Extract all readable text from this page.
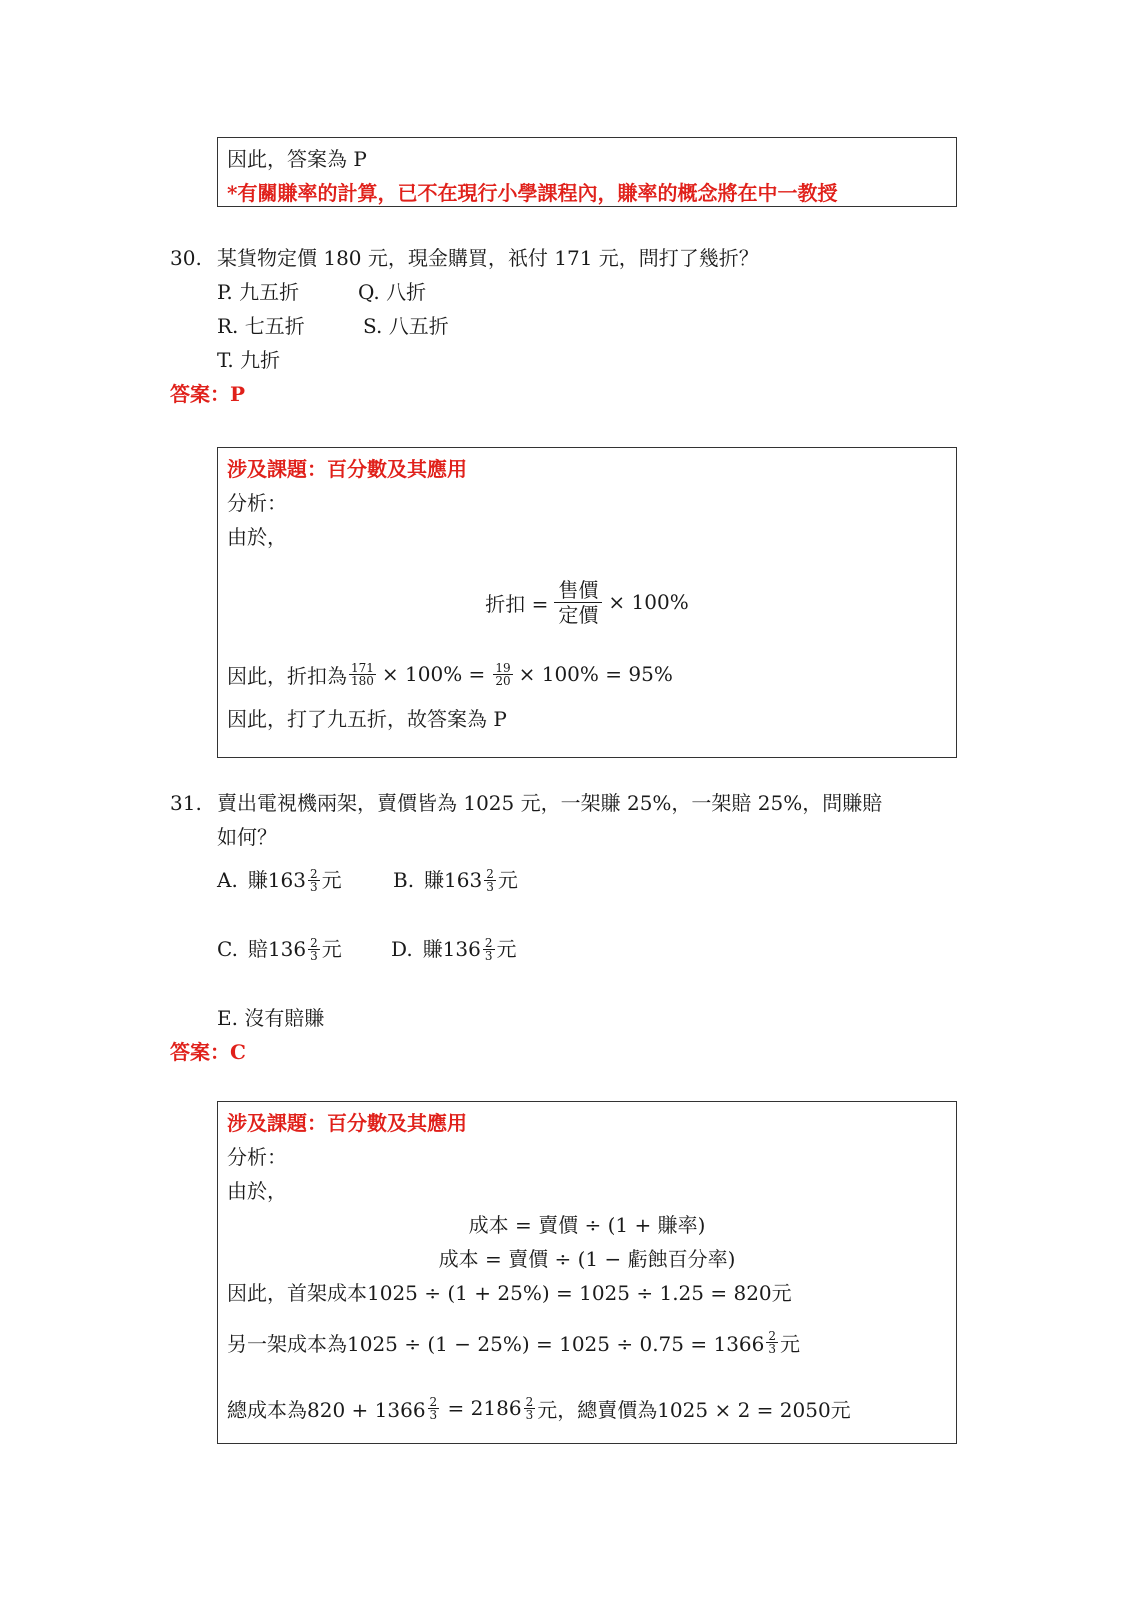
因此，答案為 P
*有關賺率的計算，已不在現行小學課程內，賺率的概念將在中一教授
30. 某貨物定價 180 元，現金購買，祇付 171 元，問打了幾折？
P. 九五折	Q. 八折
R. 七五折	S. 八五折
T. 九折
答案：P
涉及課題：百分數及其應用
分析：
由於，
折扣 = $\frac{\text{售價}}{\text{定價}} \times 100\%$
因此，折扣為 $\frac{171}{180} \times 100\% = \frac{19}{20} \times 100\% = 95\%$
因此，打了九五折，故答案為 P
31. 賣出電視機兩架，賣價皆為 1025 元，一架賺 25%，一架賠 25%，問賺賠
如何？
A. 賺$163 \frac{2}{3}$ 元	B. 賺$163 \frac{2}{3}$ 元
C. 賠$136 \frac{2}{3}$ 元 D. 賺$136 \frac{2}{3}$ 元
E. 沒有賠賺
答案：C
涉及課題：百分數及其應用
分析：
由於，
成本 = 賣價 ÷ (1 + 賺率)
成本 = 賣價 ÷ (1 − 虧蝕百分率)
因此，首架成本1025 ÷ (1 + 25%) = 1025 ÷ 1.25 = 820元
另一架成本為$1025 \div (1 - 25\%) = 1025 \div 0.75 = 1366 \frac{2}{3}$ 元
總成本為$820 + 1366 \frac{2}{3} = 2186 \frac{2}{3}$ 元，總賣價為1025 × 2 = 2050元
